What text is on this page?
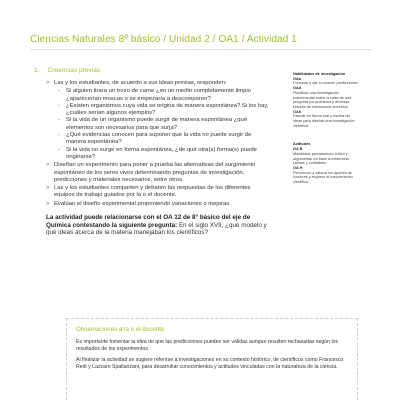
Ciencias Naturales 8º básico / Unidad 2 / OA1 / Actividad 1
1. Creencias previas
> Las y los estudiantes, de acuerdo a sus ideas previas, responden:
- Si alguien tirara un trozo de carne ¿en un medio completamente limpio ¿aparecerían moscas o se empezaría a descomponer?
- ¿Existen organismos cuya vida se origina de manera espontánea? Si los hay, ¿cuáles serían algunos ejemplos?
- Si la vida de un organismo puede surgir de manera espontánea ¿qué elementos son necesarios para que surja?
- ¿Qué evidencias conocen para suponer que la vida no puede surgir de manera espontánea?
- Si la vida no surge en forma espontánea, ¿de qué otra(s) forma(s) puede originarse?
> Diseñan un experimento para poner a prueba las alternativas del surgimiento espontáneo de los seres vivos determinando preguntas de investigación, predicciones y materiales necesarios, entre otros.
> Las y los estudiantes comparten y debaten las respuestas de los diferentes equipos de trabajo guiados por la o el docente.
> Evalúan el diseño experimental proponiendo variaciones o mejoras.
La actividad puede relacionarse con el OA 12 de 8° básico del eje de Química contestando la siguiente pregunta: En el siglo XVII, ¿qué modelo y qué ideas acerca de la materia manejaban los científicos?
Habilidades de investigación
OAa
Formular y dar a conocer predicciones.
OAd
Planificar una investigación experimental sobre la base de una pregunta y/o problema y diversas fuentes de información científica.
OAh
Discutir en forma oral y escrita las ideas para diseñar una investigación científica.
Actitudes
OA B
Manifestar pensamiento crítico y argumentar en base a evidencias válidas y confiables.
OA H
Reconocer y valorar los aportes de hombres y mujeres al conocimiento científico.
Observaciones a la o el docente

Es importante fomentar la idea de que las predicciones pueden ser válidas aunque resulten rechazadas según los resultados de los experimentos.

Al finalizar la actividad se sugiere referirse a investigaciones en su contexto histórico, de científicos como Francesco Redi y Lazzaro Spallanzani, para desarrollar conocimientos y actitudes vinculadas con la naturaleza de la ciencia.
